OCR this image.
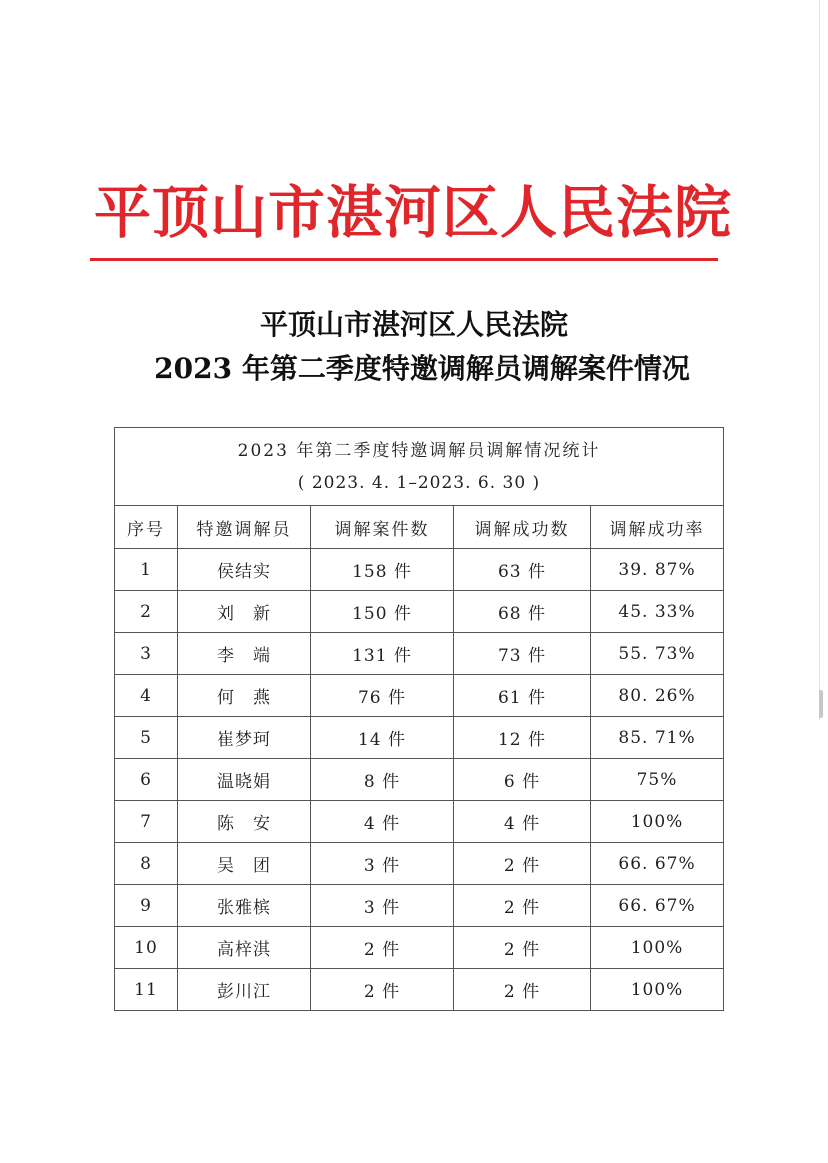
平顶山市湛河区人民法院
平顶山市湛河区人民法院
2023 年第二季度特邀调解员调解案件情况
2023 年第二季度特邀调解员调解情况统计
( 2023. 4. 1–2023. 6. 30 )				

序号	特邀调解员	调解案件数	调解成功数	调解成功率
1	侯结实	158 件	63 件	39. 87%
2	刘　新	150 件	68 件	45. 33%
3	李　端	131 件	73 件	55. 73%
4	何　燕	76 件	61 件	80. 26%
5	崔梦珂	14 件	12 件	85. 71%
6	温晓娟	8 件	6 件	75%
7	陈　安	4 件	4 件	100%
8	吴　团	3 件	2 件	66. 67%
9	张雅槟	3 件	2 件	66. 67%
10	高梓淇	2 件	2 件	100%
11	彭川江	2 件	2 件	100%
